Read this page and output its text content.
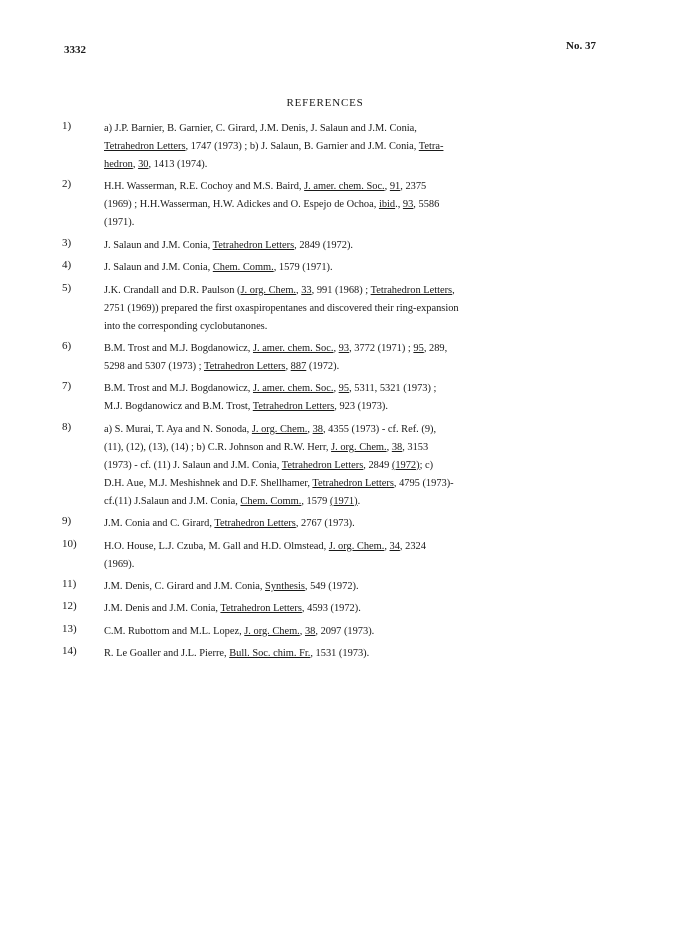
3332	No. 37
REFERENCES
1)	a) J.P. Barnier, B. Garnier, C. Girard, J.M. Denis, J. Salaun and J.M. Conia,
Tetrahedron Letters, 1747 (1973) ; b) J. Salaun, B. Garnier and J.M. Conia, Tetra-
hedron, 30, 1413 (1974).
2)	H.H. Wasserman, R.E. Cochoy and M.S. Baird, J. amer. chem. Soc., 91, 2375
(1969) ; H.H.Wasserman, H.W. Adickes and O. Espejo de Ochoa, ibid., 93, 5586
(1971).
3)	J. Salaun and J.M. Conia, Tetrahedron Letters, 2849 (1972).
4)	J. Salaun and J.M. Conia, Chem. Comm., 1579 (1971).
5)	J.K. Crandall and D.R. Paulson (J. org. Chem., 33, 991 (1968) ; Tetrahedron Letters,
2751 (1969)) prepared the first oxaspiropentanes and discovered their ring-expansion
into the corresponding cyclobutanones.
6)	B.M. Trost and M.J. Bogdanowicz, J. amer. chem. Soc., 93, 3772 (1971) ; 95, 289,
5298 and 5307 (1973) ; Tetrahedron Letters, 887 (1972).
7)	B.M. Trost and M.J. Bogdanowicz, J. amer. chem. Soc., 95, 5311, 5321 (1973) ;
M.J. Bogdanowicz and B.M. Trost, Tetrahedron Letters, 923 (1973).
8)	a) S. Murai, T. Aya and N. Sonoda, J. org. Chem., 38, 4355 (1973) - cf. Ref. (9),
(11), (12), (13), (14) ; b) C.R. Johnson and R.W. Herr, J. org. Chem., 38, 3153
(1973) - cf. (11) J. Salaun and J.M. Conia, Tetrahedron Letters, 2849 (1972); c)
D.H. Aue, M.J. Meshishnek and D.F. Shellhamer, Tetrahedron Letters, 4795 (1973)-
cf.(11) J.Salaun and J.M. Conia, Chem. Comm., 1579 (1971).
9)	J.M. Conia and C. Girard, Tetrahedron Letters, 2767 (1973).
10)	H.O. House, L.J. Czuba, M. Gall and H.D. Olmstead, J. org. Chem., 34, 2324
(1969).
11)	J.M. Denis, C. Girard and J.M. Conia, Synthesis, 549 (1972).
12)	J.M. Denis and J.M. Conia, Tetrahedron Letters, 4593 (1972).
13)	C.M. Rubottom and M.L. Lopez, J. org. Chem., 38, 2097 (1973).
14)	R. Le Goaller and J.L. Pierre, Bull. Soc. chim. Fr., 1531 (1973).
